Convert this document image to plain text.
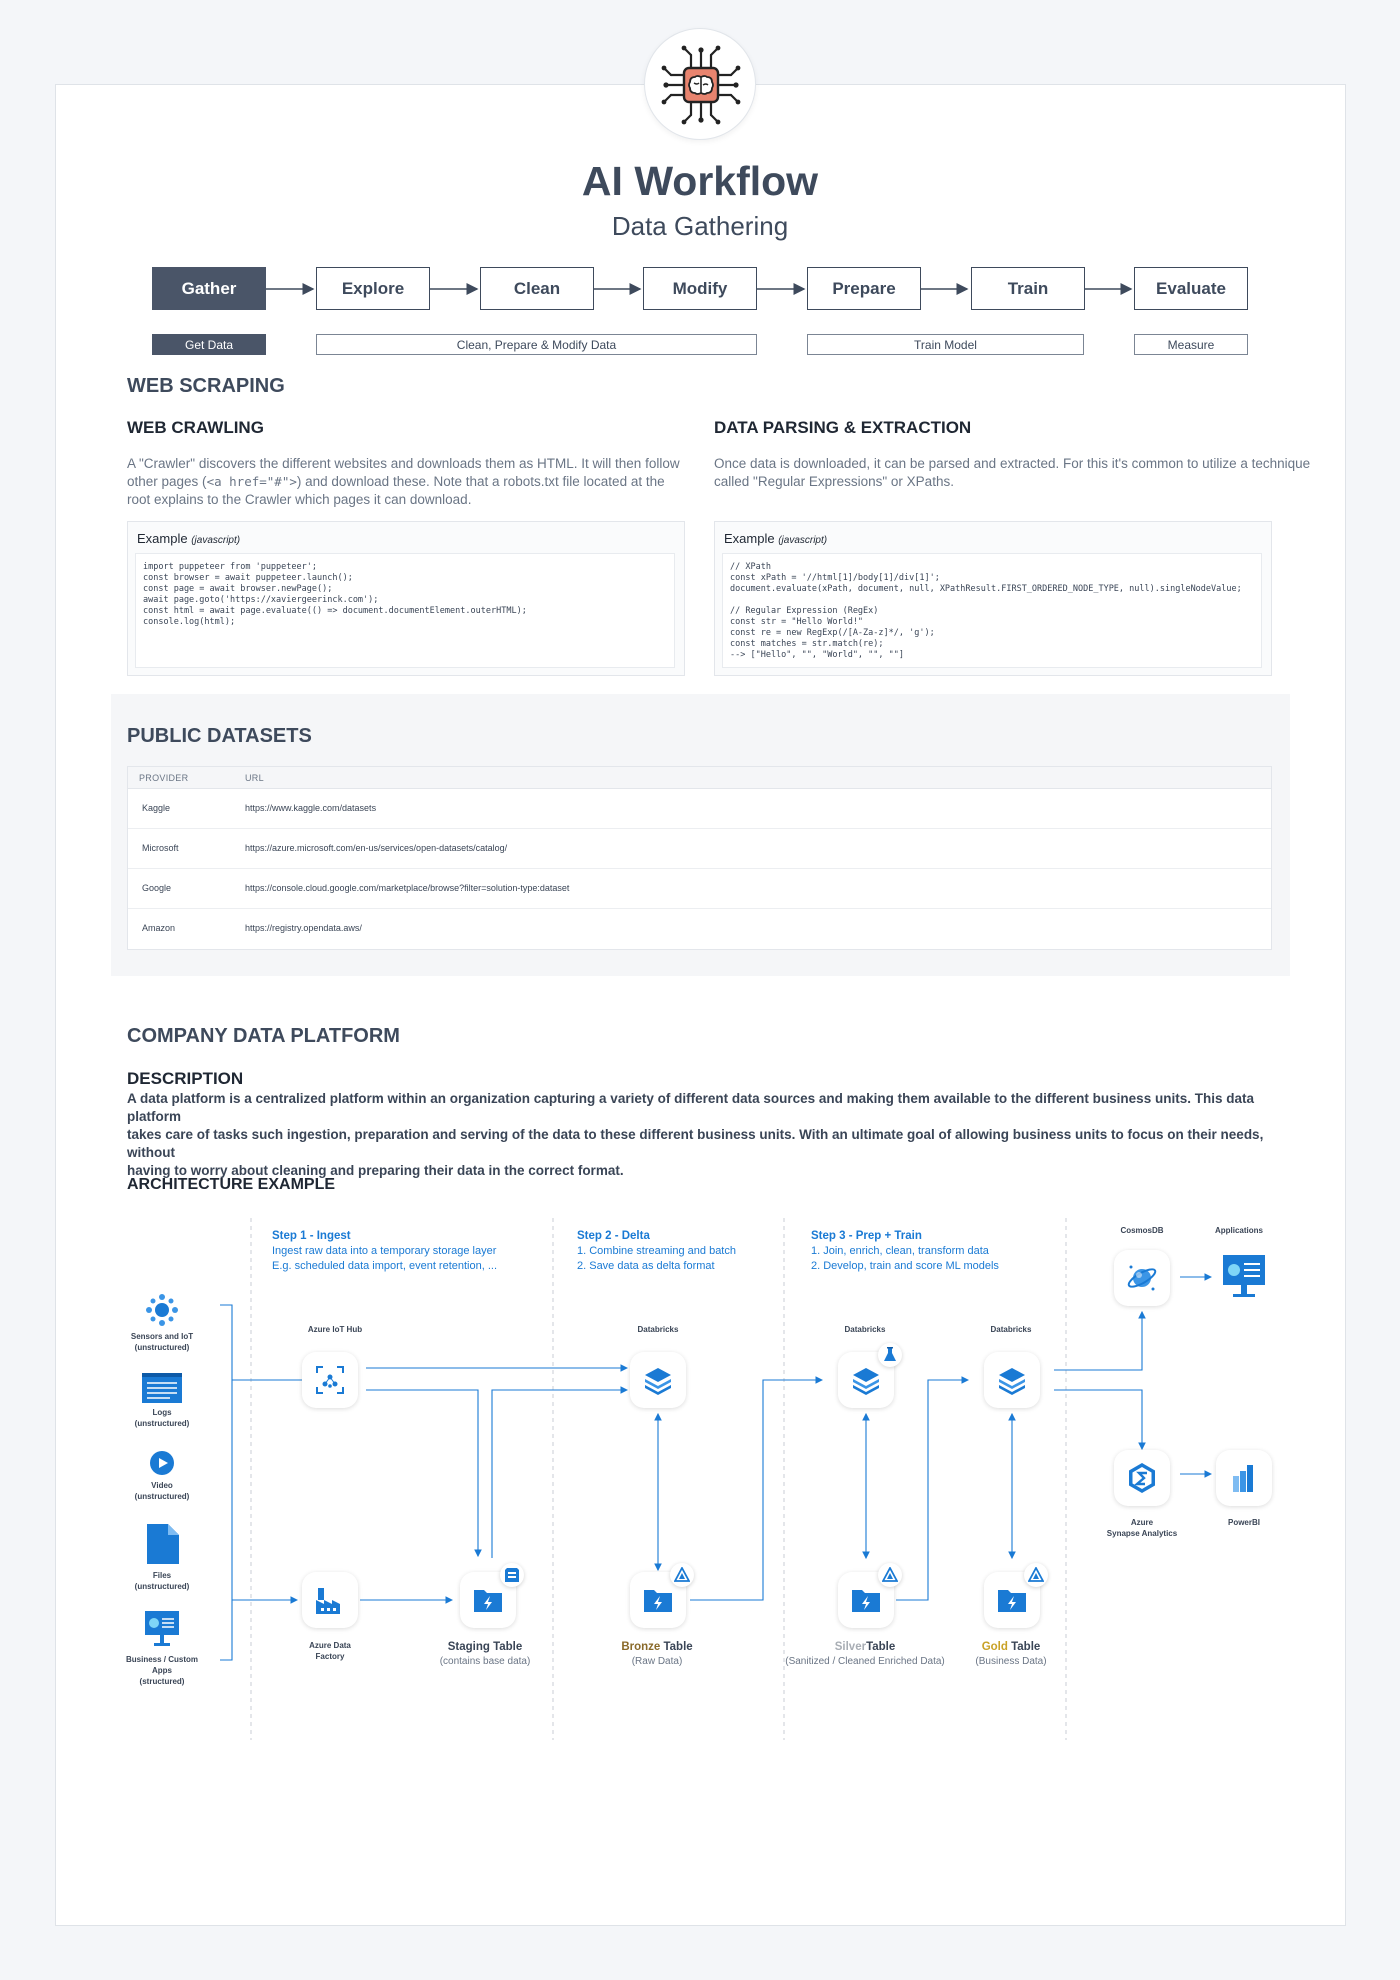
AI Workflow
Data Gathering
Gather	Explore	Clean	Modify	Prepare	Train	Evaluate
Get Data	Clean, Prepare & Modify Data	Train Model	Measure
WEB SCRAPING
WEB CRAWLING
A "Crawler" discovers the different websites and downloads them as HTML. It will then follow
other pages (<a href="#">) and download these. Note that a robots.txt file located at the
root explains to the Crawler which pages it can download.
Example (javascript)
import puppeteer from 'puppeteer';
const browser = await puppeteer.launch();
const page = await browser.newPage();
await page.goto('https://xavierge​erinck.com');
const html = await page.evaluate(() => document.documentElement.outerHTML);
console.log(html);
DATA PARSING & EXTRACTION
Once data is downloaded, it can be parsed and extracted. For this it's common to utilize a technique
called "Regular Expressions" or XPaths.
Example (javascript)
// XPath
const xPath = '//html[1]/body[1]/div[1]';
document.evaluate(xPath, document, null, XPathResult.FIRST_ORDERED_NODE_TYPE, null).singleNodeValue;

// Regular Expression (RegEx)
const str = "Hello World!"
const re = new RegExp(/[A-Za-z]*/, 'g');
const matches = str.match(re);
--> ["Hello", "", "World", "", ""]
PUBLIC DATASETS
PROVIDER	URL
Kaggle	https://www.kaggle.com/datasets
Microsoft	https://azure.microsoft.com/en-us/services/open-datasets/catalog/
Google	https://console.cloud.google.com/marketplace/browse?filter=solution-type:dataset
Amazon	https://registry.opendata.aws/
COMPANY DATA PLATFORM
DESCRIPTION
A data platform is a centralized platform within an organization capturing a variety of different data sources and making them available to the different business units. This data platform
takes care of tasks such ingestion, preparation and serving of the data to these different business units. With an ultimate goal of allowing business units to focus on their needs, without
having to worry about cleaning and preparing their data in the correct format.
ARCHITECTURE EXAMPLE
Step 1 - Ingest
Ingest raw data into a temporary storage layer
E.g. scheduled data import, event retention, ...
Step 2 - Delta
1. Combine streaming and batch
2. Save data as delta format
Step 3 - Prep + Train
1. Join, enrich, clean, transform data
2. Develop, train and score ML models
Sensors and IoT
(unstructured)
Logs
(unstructured)
Video
(unstructured)
Files
(unstructured)
Business / Custom
Apps
(structured)
Azure IoT Hub
Azure Data
Factory
Staging Table
(contains base data)
Databricks
Bronze Table
(Raw Data)
Databricks
SilverTable
(Sanitized / Cleaned Enriched Data)
Databricks
Gold Table
(Business Data)
CosmosDB	Applications
Azure
Synapse Analytics
PowerBI
